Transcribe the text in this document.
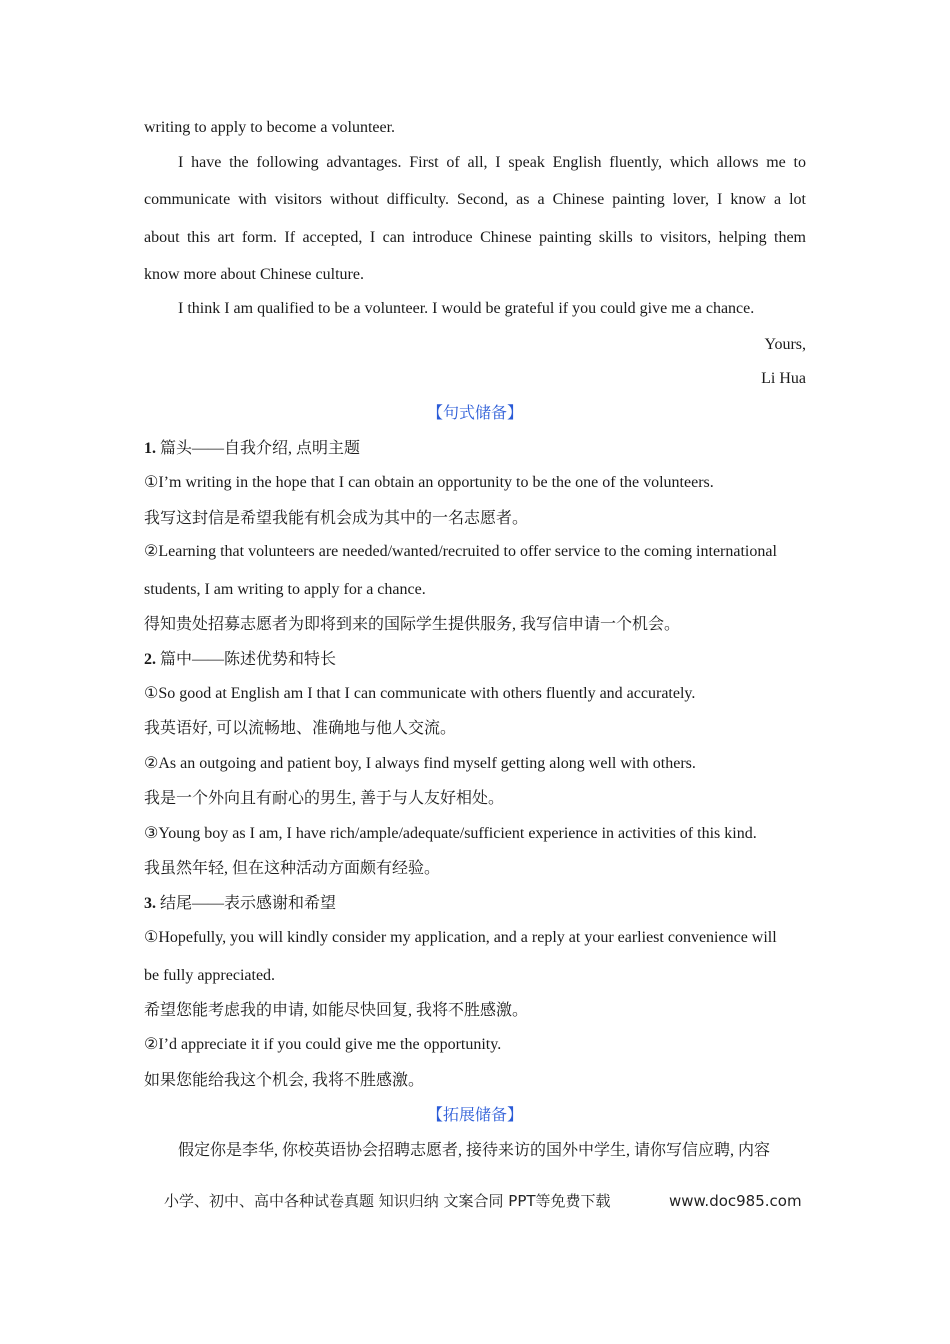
writing to apply to become a volunteer.
I have the following advantages. First of all, I speak English fluently, which allows me to
communicate with visitors without difficulty. Second, as a Chinese painting lover, I know a lot
about this art form. If accepted, I can introduce Chinese painting skills to visitors, helping them
know more about Chinese culture.
I think I am qualified to be a volunteer. I would be grateful if you could give me a chance.
Yours,
Li Hua
【句式储备】
1. 篇头——自我介绍, 点明主题
①I’m writing in the hope that I can obtain an opportunity to be the one of the volunteers.
我写这封信是希望我能有机会成为其中的一名志愿者。
②Learning that volunteers are needed/wanted/recruited to offer service to the coming international
students, I am writing to apply for a chance.
得知贵处招募志愿者为即将到来的国际学生提供服务, 我写信申请一个机会。
2. 篇中——陈述优势和特长
①So good at English am I that I can communicate with others fluently and accurately.
我英语好, 可以流畅地、准确地与他人交流。
②As an outgoing and patient boy, I always find myself getting along well with others.
我是一个外向且有耐心的男生, 善于与人友好相处。
③Young boy as I am, I have rich/ample/adequate/sufficient experience in activities of this kind.
我虽然年轻, 但在这种活动方面颇有经验。
3. 结尾——表示感谢和希望
①Hopefully, you will kindly consider my application, and a reply at your earliest convenience will
be fully appreciated.
希望您能考虑我的申请, 如能尽快回复, 我将不胜感激。
②I’d appreciate it if you could give me the opportunity.
如果您能给我这个机会, 我将不胜感激。
【拓展储备】
假定你是李华, 你校英语协会招聘志愿者, 接待来访的国外中学生, 请你写信应聘, 内容
小学、初中、高中各种试卷真题 知识归纳 文案合同 PPT等免费下载	www.doc985.com
